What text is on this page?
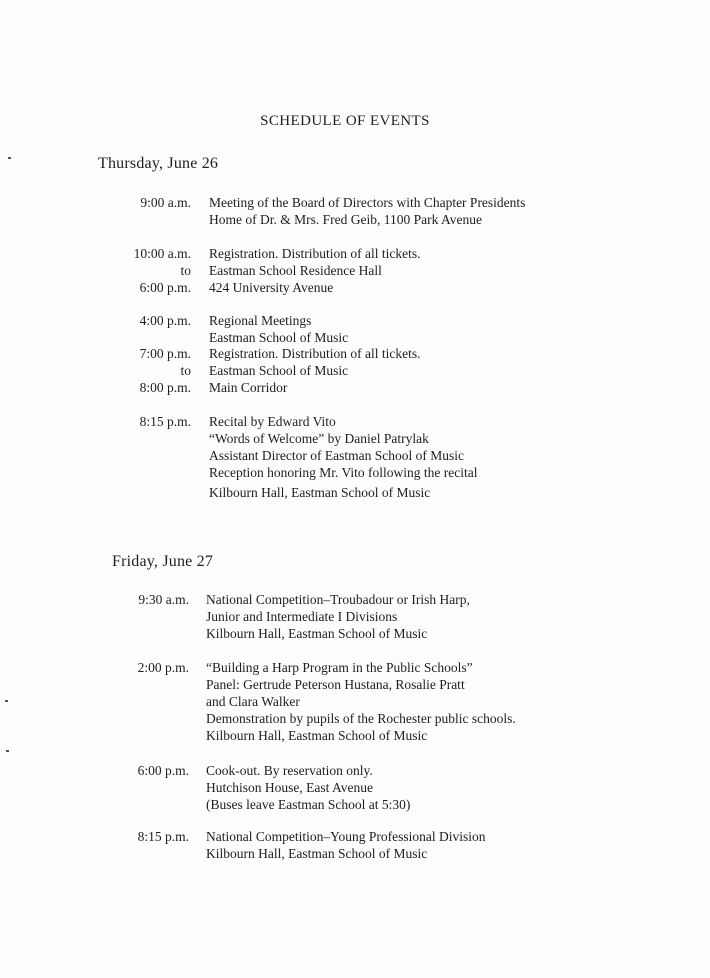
SCHEDULE OF EVENTS
Thursday, June 26
9:00 a.m. Meeting of the Board of Directors with Chapter Presidents
Home of Dr. & Mrs. Fred Geib, 1100 Park Avenue
10:00 a.m.
to
6:00 p.m.
Registration. Distribution of all tickets.
Eastman School Residence Hall
424 University Avenue
4:00 p.m. Regional Meetings
Eastman School of Music
7:00 p.m.
to
8:00 p.m.
Registration. Distribution of all tickets.
Eastman School of Music
Main Corridor
8:15 p.m. Recital by Edward Vito
“Words of Welcome” by Daniel Patrylak
Assistant Director of Eastman School of Music
Reception honoring Mr. Vito following the recital
Kilbourn Hall, Eastman School of Music
Friday, June 27
9:30 a.m. National Competition–Troubadour or Irish Harp,
Junior and Intermediate I Divisions
Kilbourn Hall, Eastman School of Music
2:00 p.m. “Building a Harp Program in the Public Schools”
Panel: Gertrude Peterson Hustana, Rosalie Pratt
and Clara Walker
Demonstration by pupils of the Rochester public schools.
Kilbourn Hall, Eastman School of Music
6:00 p.m. Cook-out. By reservation only.
Hutchison House, East Avenue
(Buses leave Eastman School at 5:30)
8:15 p.m. National Competition–Young Professional Division
Kilbourn Hall, Eastman School of Music
